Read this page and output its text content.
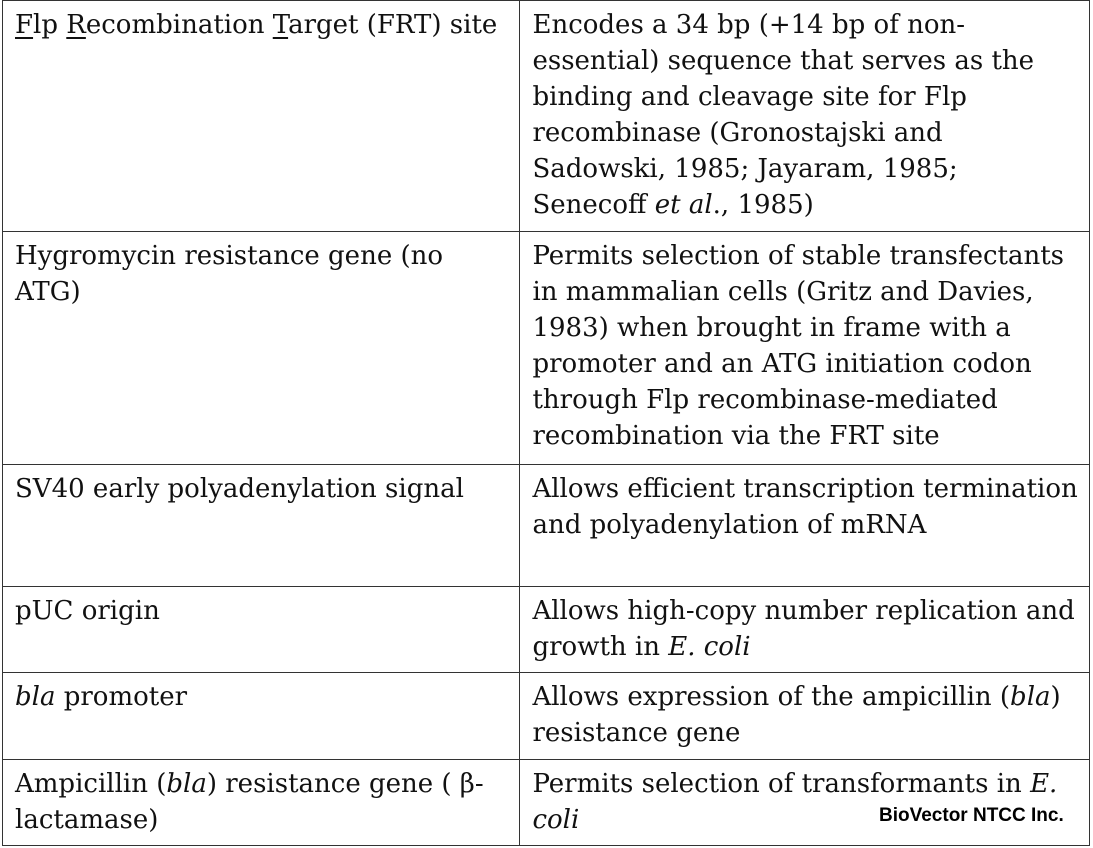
Flp Recombination Target (FRT) site	Encodes a 34 bp (+14 bp of non-essential) sequence that serves as the binding and cleavage site for Flp recombinase (Gronostajski and Sadowski, 1985; Jayaram, 1985; Senecoff et al., 1985)
Hygromycin resistance gene (no ATG)	Permits selection of stable transfectants in mammalian cells (Gritz and Davies, 1983) when brought in frame with a promoter and an ATG initiation codon through Flp recombinase-mediated recombination via the FRT site
SV40 early polyadenylation signal	Allows efficient transcription termination and polyadenylation of mRNA
pUC origin	Allows high-copy number replication and growth in E. coli
bla promoter	Allows expression of the ampicillin (bla) resistance gene
Ampicillin (bla) resistance gene ( β-lactamase)	Permits selection of transformants in E. coli	BioVector NTCC Inc.
